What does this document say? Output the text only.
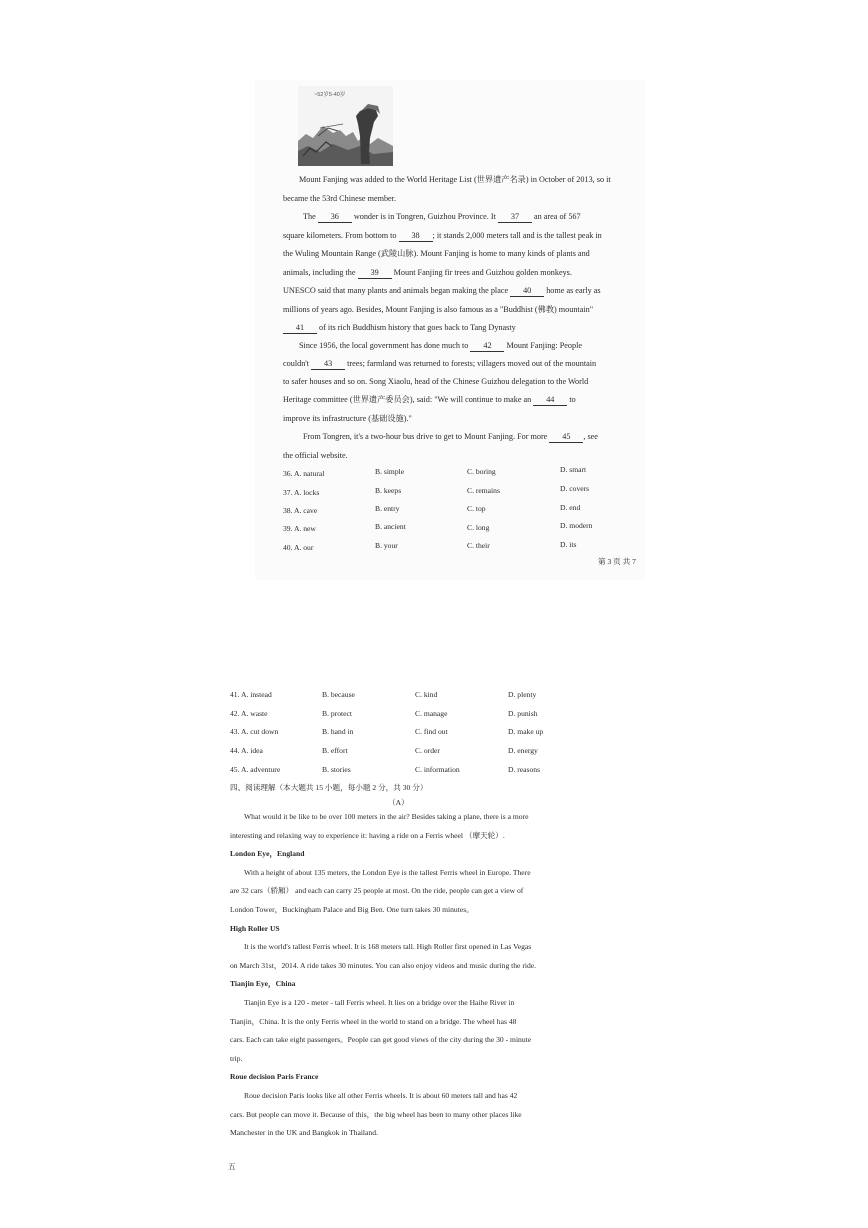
~52岁5-40岁
Mount Fanjing was added to the World Heritage List (世界遗产名录) in October of 2013, so it
became the 53rd Chinese member.
The 36 wonder is in Tongren, Guizhou Province. It 37 an area of 567
square kilometers. From bottom to 38 ; it stands 2,000 meters tall and is the tallest peak in
the Wuling Mountain Range (武陵山脉). Mount Fanjing is home to many kinds of plants and
animals, including the 39 Mount Fanjing fir trees and Guizhou golden monkeys.
UNESCO said that many plants and animals began making the place 40 home as early as
millions of years ago. Besides, Mount Fanjing is also famous as a "Buddhist (佛教) mountain"
41 of its rich Buddhism history that goes back to Tang Dynasty
Since 1956, the local government has done much to 42 Mount Fanjing: People
couldn't 43 trees; farmland was returned to forests; villagers moved out of the mountain
to safer houses and so on. Song Xiaolu, head of the Chinese Guizhou delegation to the World
Heritage committee (世界遗产委员会), said: "We will continue to make an 44 to
improve its infrastructure (基础设施)."
From Tongren, it's a two-hour bus drive to get to Mount Fanjing. For more 45 , see
the official website.
36. A. natural	B. simple	C. boring	D. smart
37. A. locks	B. keeps	C. remains	D. covers
38. A. cave	B. entry	C. top	D. end
39. A. new	B. ancient	C. long	D. modern
40. A. our	B. your	C. their	D. its
第 3 页 共 7
41. A. instead	B. because	C. kind	D. plenty
42. A. waste	B. protect	C. manage	D. punish
43. A. cut down	B. hand in	C. find out	D. make up
44. A. idea	B. effort	C. order	D. energy
45. A. adventure	B. stories	C. information	D. reasons
四、阅读理解（本大题共 15 小题，每小题 2 分，共 30 分）
（A）
What would it be like to be over 100 meters in the air? Besides taking a plane, there is a more
interesting and relaxing way to experience it: having a ride on a Ferris wheel （摩天轮）.
London Eye，England
With a height of about 135 meters, the London Eye is the tallest Ferris wheel in Europe. There
are 32 cars（轿厢） and each can carry 25 people at most. On the ride, people can get a view of
London Tower，Buckingham Palace and Big Ben. One turn takes 30 minutes。
High Roller US
It is the world's tallest Ferris wheel. It is 168 meters tall. High Roller first opened in Las Vegas
on March 31st，2014. A ride takes 30 minutes. You can also enjoy videos and music during the ride.
Tianjin Eye，China
Tianjin Eye is a 120 - meter - tall Ferris wheel. It lies on a bridge over the Haihe River in
Tianjin，China. It is the only Ferris wheel in the world to stand on a bridge. The wheel has 48
cars. Each can take eight passengers。People can get good views of the city during the 30 - minute
trip.
Roue decision Paris France
Roue decision Paris looks like all other Ferris wheels. It is about 60 meters tall and has 42
cars. But people can move it. Because of this，the big wheel has been to many other places like
Manchester in the UK and Bangkok in Thailand.
五
